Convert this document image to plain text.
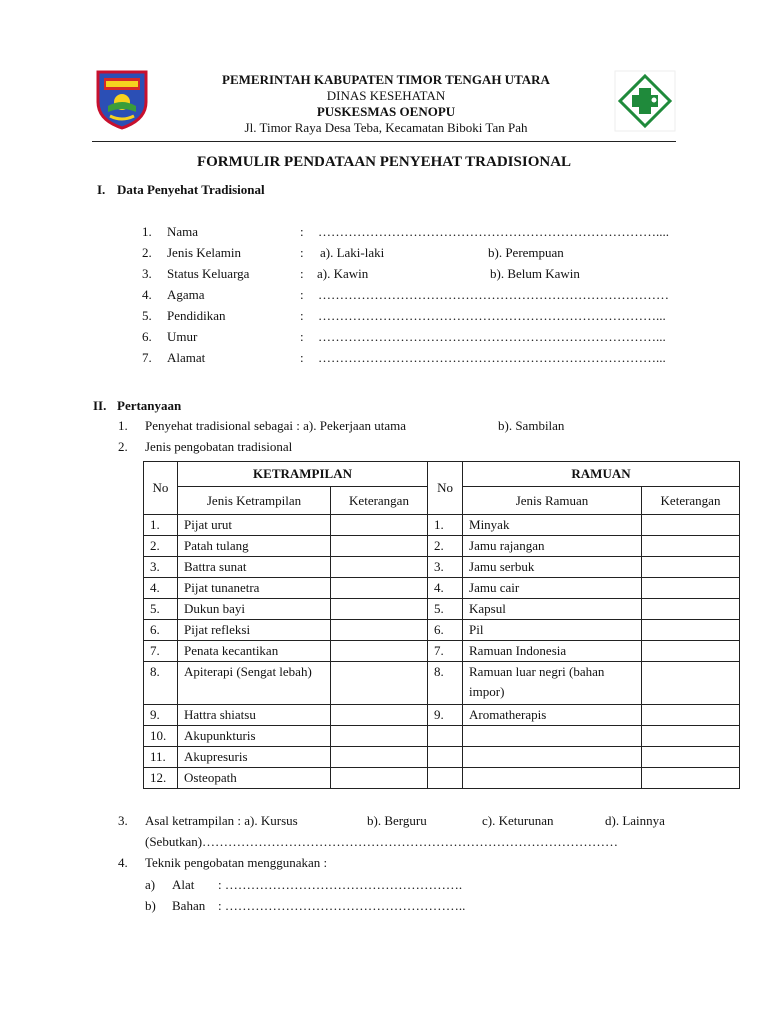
PEMERINTAH KABUPATEN TIMOR TENGAH UTARA
DINAS KESEHATAN
PUSKESMAS OENOPU
Jl. Timor Raya Desa Teba, Kecamatan Biboki Tan Pah
FORMULIR PENDATAAN PENYEHAT TRADISIONAL
I. Data Penyehat Tradisional
1. Nama	: ……………………………………………………………………....
2. Jenis Kelamin	: a). Laki-laki	b). Perempuan
3. Status Keluarga	: a). Kawin	b). Belum Kawin
4. Agama	: ………………………………………………………………………
5. Pendidikan	: ……………………………………………………………………...
6. Umur	: ……………………………………………………………………...
7. Alamat	: ……………………………………………………………………...
II. Pertanyaan
1. Penyehat tradisional sebagai : a). Pekerjaan utama	b). Sambilan
2. Jenis pengobatan tradisional
No	KETRAMPILAN		No	RAMUAN	
	Jenis Ketrampilan	Keterangan		Jenis Ramuan	Keterangan
1.	Pijat urut		1.	Minyak	
2.	Patah tulang		2.	Jamu rajangan	
3.	Battra sunat		3.	Jamu serbuk	
4.	Pijat tunanetra		4.	Jamu cair	
5.	Dukun bayi		5.	Kapsul	
6.	Pijat refleksi		6.	Pil	
7.	Penata kecantikan		7.	Ramuan Indonesia	
8.	Apiterapi (Sengat lebah)		8.	Ramuan luar negri (bahan impor)	
9.	Hattra shiatsu		9.	Aromatherapis	
10.	Akupunkturis				
11.	Akupresuris				
12.	Osteopath				
3. Asal ketrampilan : a). Kursus	b). Berguru	c). Keturunan	d). Lainnya
(Sebutkan)……………………………………………………………………………………
4. Teknik pengobatan menggunakan :
a) Alat : ……………………………………………….
b) Bahan : ………………………………………………..
